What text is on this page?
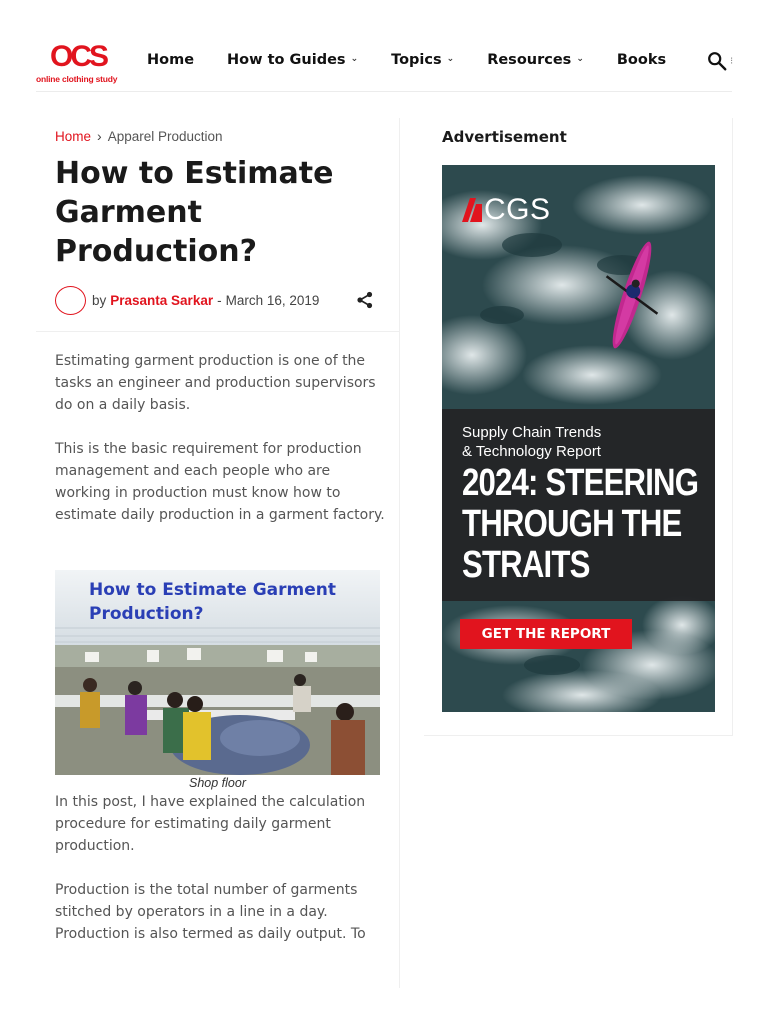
OCS
online clothing study
Home How to Guides ⌄ Topics ⌄ Resources ⌄ Books	⁝
Home › Apparel Production
How to Estimate Garment Production?
by Prasanta Sarkar - March 16, 2019

Estimating garment production is one of the tasks an engineer and production supervisors do on a daily basis.

This is the basic requirement for production management and each people who are working in production must know how to estimate daily production in a garment factory.

How to Estimate Garment Production?
Shop floor

In this post, I have explained the calculation procedure for estimating daily garment production.

Production is the total number of garments stitched by operators in a line in a day. Production is also termed as daily output. To

Advertisement
CGS
Supply Chain Trends
& Technology Report
2024: STEERING
THROUGH THE
STRAITS
GET THE REPORT
